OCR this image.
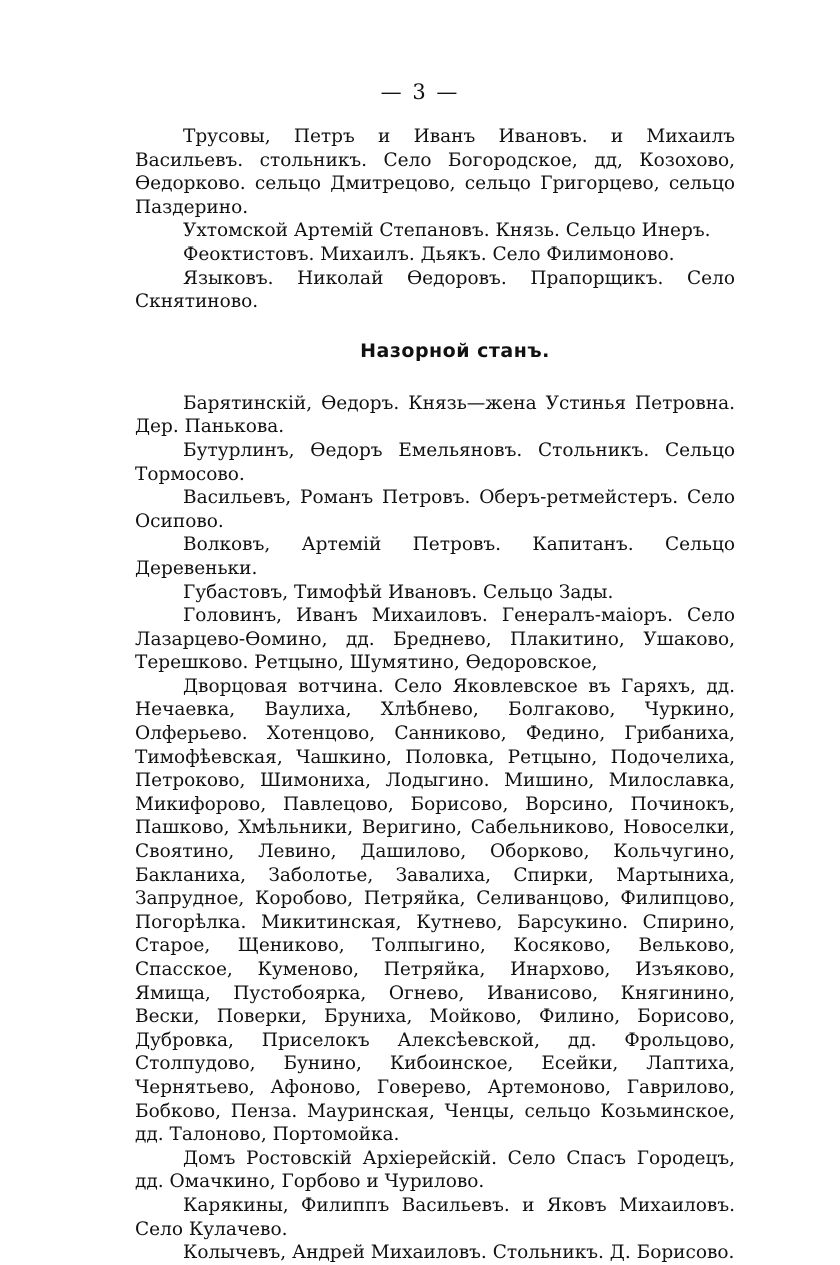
— 3 —

Трусовы, Петръ и Иванъ Ивановъ. и Михаилъ Васильевъ. стольникъ. Село Богородское, дд, Козохово, Өедорково. сельцо Дмитрецово, сельцо Григорцево, сельцо Паздерино.

Ухтомской Артемій Степановъ. Князь. Сельцо Инеръ.

Феоктистовъ. Михаилъ. Дьякъ. Село Филимоново.

Языковъ. Николай Өедоровъ. Прапорщикъ. Село Скнятиново.

Назорной станъ.

Барятинскій, Өедоръ. Князь—жена Устинья Петровна. Дер. Панькова.

Бутурлинъ, Өедоръ Емельяновъ. Стольникъ. Сельцо Тормосово.

Васильевъ, Романъ Петровъ. Оберъ-ретмейстеръ. Село Осипово.

Волковъ, Артемій Петровъ. Капитанъ. Сельцо Деревеньки.

Губастовъ, Тимофѣй Ивановъ. Сельцо Зады.

Головинъ, Иванъ Михаиловъ. Генералъ-маіоръ. Село Лазарцево-Өомино, дд. Бреднево, Плакитино, Ушаково, Терешково. Ретцыно, Шумятино, Өедоровское,

Дворцовая вотчина. Село Яковлевское въ Гаряхъ, дд. Нечаевка, Ваулиха, Хлѣбнево, Болгаково, Чуркино, Олферьево. Хотенцово, Санниково, Федино, Грибаниха, Тимофѣевская, Чашкино, Половка, Ретцыно, Подочелиха, Петроково, Шимониха, Лодыгино. Мишино, Милославка, Микифорово, Павлецово, Борисово, Ворсино, Починокъ, Пашково, Хмѣльники, Веригино, Сабельниково, Новоселки, Своятино, Левино, Дашилово, Оборково, Кольчугино, Бакланиха, Заболотье, Завалиха, Спирки, Мартыниха, Запрудное, Коробово, Петряйка, Селиванцово, Филипцово, Погорѣлка. Микитинская, Кутнево, Барсукино. Спирино, Старое, Щениково, Толпыгино, Косяково, Вельково, Спасское, Куменово, Петряйка, Инархово, Изъяково, Ямища, Пустобоярка, Огнево, Иванисово, Княгинино, Вески, Поверки, Бруниха, Мойково, Филино, Борисово, Дубровка, Приселокъ Алексѣевской, дд. Фрольцово, Столпудово, Бунино, Кибоинское, Есейки, Лаптиха, Чернятьево, Афоново, Говерево, Артемоново, Гаврилово, Бобково, Пенза. Мауринская, Ченцы, сельцо Козьминское, дд. Талоново, Портомойка.

Домъ Ростовскій Архіерейскій. Село Спасъ Городецъ, дд. Омачкино, Горбово и Чурилово.

Карякины, Филиппъ Васильевъ. и Яковъ Михаиловъ. Село Кулачево.

Колычевъ, Андрей Михаиловъ. Стольникъ. Д. Борисово.
